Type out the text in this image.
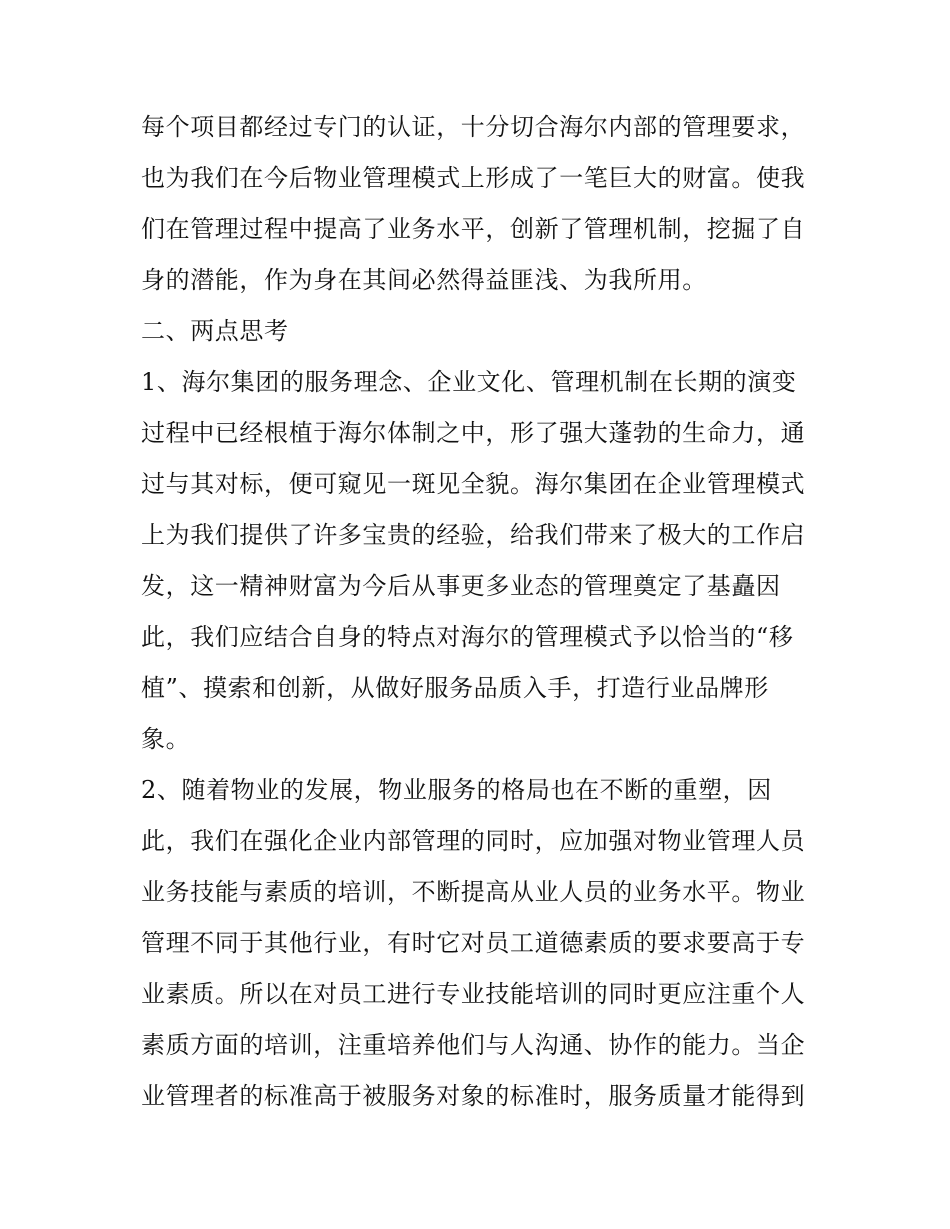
每个项目都经过专门的认证，十分切合海尔内部的管理要求，
也为我们在今后物业管理模式上形成了一笔巨大的财富。使我
们在管理过程中提高了业务水平，创新了管理机制，挖掘了自
身的潜能，作为身在其间必然得益匪浅、为我所用。
二、两点思考
1、海尔集团的服务理念、企业文化、管理机制在长期的演变
过程中已经根植于海尔体制之中，形了强大蓬勃的生命力，通
过与其对标，便可窥见一斑见全貌。海尔集团在企业管理模式
上为我们提供了许多宝贵的经验，给我们带来了极大的工作启
发，这一精神财富为今后从事更多业态的管理奠定了基矗因
此，我们应结合自身的特点对海尔的管理模式予以恰当的“移
植”、摸索和创新，从做好服务品质入手，打造行业品牌形
象。
2、随着物业的发展，物业服务的格局也在不断的重塑，因
此，我们在强化企业内部管理的同时，应加强对物业管理人员
业务技能与素质的培训，不断提高从业人员的业务水平。物业
管理不同于其他行业，有时它对员工道德素质的要求要高于专
业素质。所以在对员工进行专业技能培训的同时更应注重个人
素质方面的培训，注重培养他们与人沟通、协作的能力。当企
业管理者的标准高于被服务对象的标准时，服务质量才能得到
